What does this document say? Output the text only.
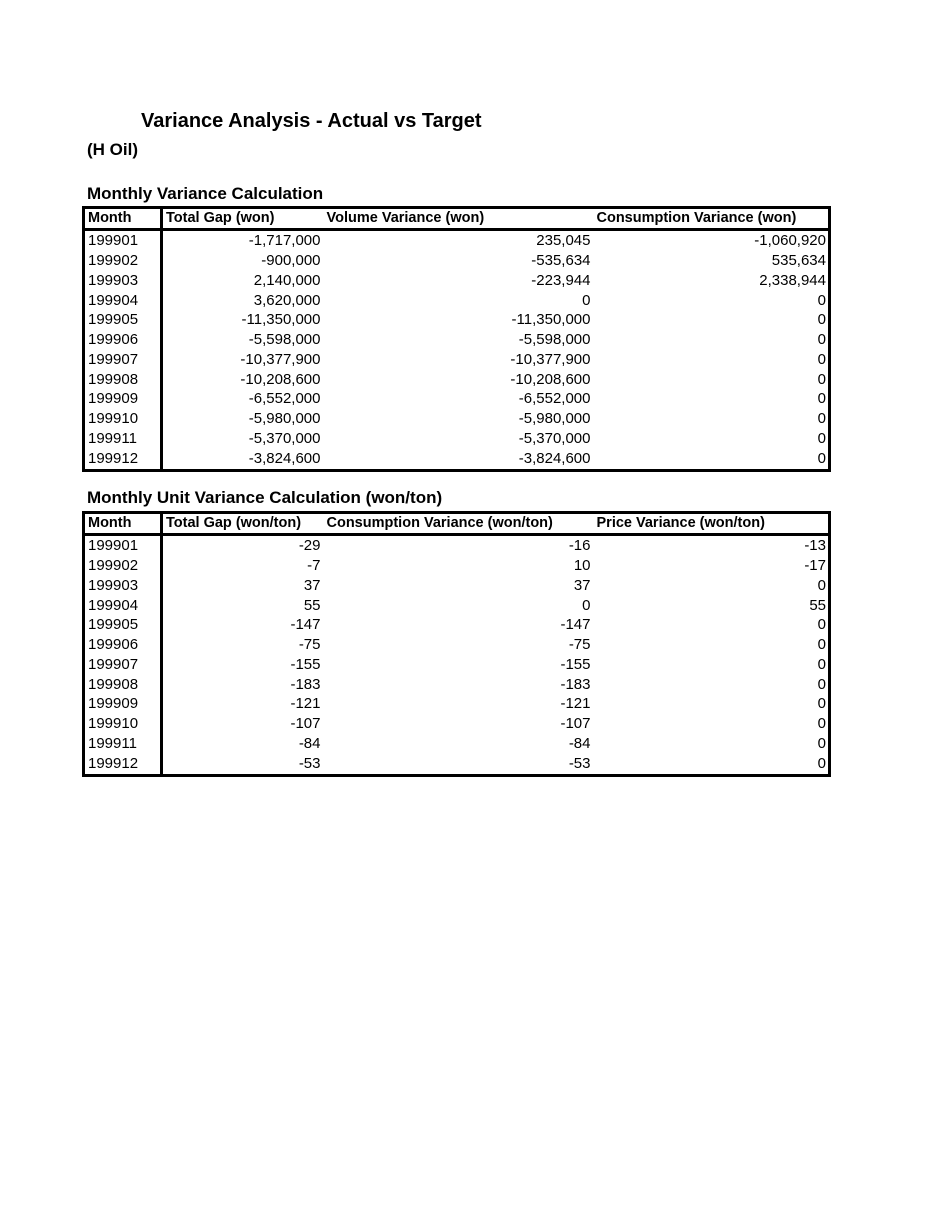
Variance Analysis - Actual vs Target
(H Oil)
Monthly Variance Calculation
Month	Total Gap (won)	Volume Variance (won)	Consumption Variance (won)
199901	-1,717,000	235,045	-1,060,920
199902	-900,000	-535,634	535,634
199903	2,140,000	-223,944	2,338,944
199904	3,620,000	0	0
199905	-11,350,000	-11,350,000	0
199906	-5,598,000	-5,598,000	0
199907	-10,377,900	-10,377,900	0
199908	-10,208,600	-10,208,600	0
199909	-6,552,000	-6,552,000	0
199910	-5,980,000	-5,980,000	0
199911	-5,370,000	-5,370,000	0
199912	-3,824,600	-3,824,600	0
Monthly Unit Variance Calculation (won/ton)
Month	Total Gap (won/ton)	Consumption Variance (won/ton)	Price Variance (won/ton)
199901	-29	-16	-13
199902	-7	10	-17
199903	37	37	0
199904	55	0	55
199905	-147	-147	0
199906	-75	-75	0
199907	-155	-155	0
199908	-183	-183	0
199909	-121	-121	0
199910	-107	-107	0
199911	-84	-84	0
199912	-53	-53	0
